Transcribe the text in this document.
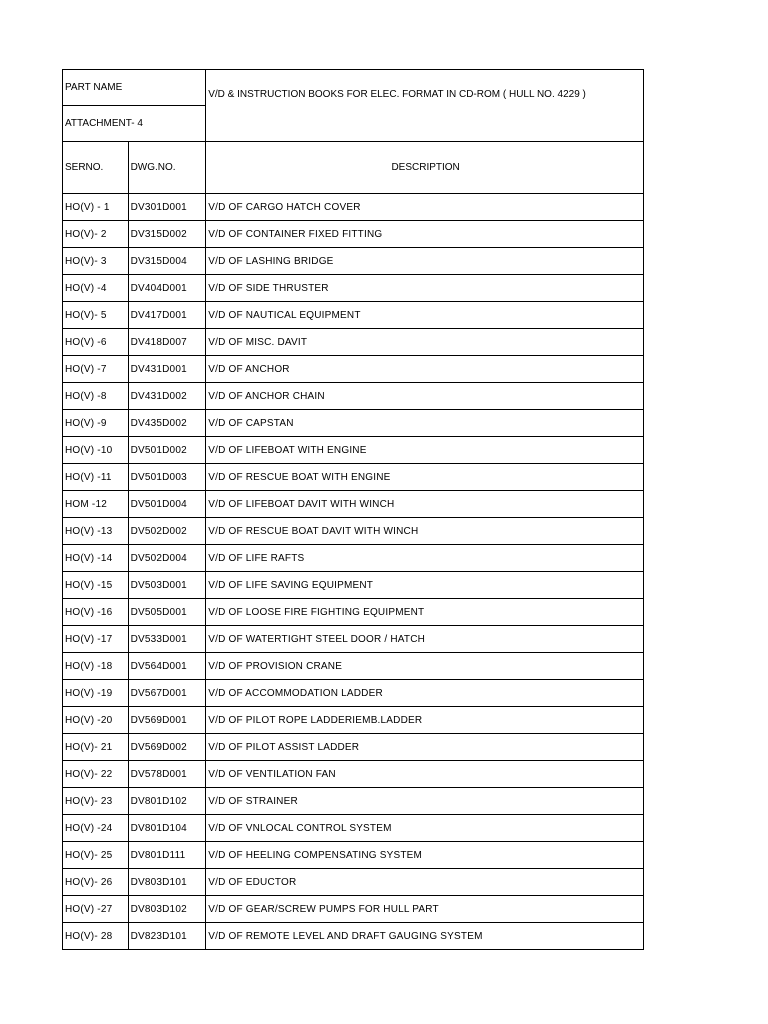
PART NAME		V/D & INSTRUCTION BOOKS FOR ELEC. FORMAT IN CD-ROM ( HULL NO. 4229 )
ATTACHMENT- 4		
SERNO.	DWG.NO.	DESCRIPTION
HO(V) - 1	DV301D001	V/D OF CARGO HATCH COVER
HO(V)- 2	DV315D002	V/D OF CONTAINER FIXED FITTING
HO(V)- 3	DV315D004	V/D OF LASHING BRIDGE
HO(V) -4	DV404D001	V/D OF SIDE THRUSTER
HO(V)- 5	DV417D001	V/D OF NAUTICAL EQUIPMENT
HO(V) -6	DV418D007	V/D OF MISC. DAVIT
HO(V) -7	DV431D001	V/D OF ANCHOR
HO(V) -8	DV431D002	V/D OF ANCHOR CHAIN
HO(V) -9	DV435D002	V/D OF CAPSTAN
HO(V) -10	DV501D002	V/D OF LIFEBOAT WITH ENGINE
HO(V) -11	DV501D003	V/D OF RESCUE BOAT WITH ENGINE
HOM -12	DV501D004	V/D OF LIFEBOAT DAVIT WITH WINCH
HO(V) -13	DV502D002	V/D OF RESCUE BOAT DAVIT WITH WINCH
HO(V) -14	DV502D004	V/D OF LIFE RAFTS
HO(V) -15	DV503D001	V/D OF LIFE SAVING EQUIPMENT
HO(V) -16	DV505D001	V/D OF LOOSE FIRE FIGHTING EQUIPMENT
HO(V) -17	DV533D001	V/D OF WATERTIGHT STEEL DOOR / HATCH
HO(V) -18	DV564D001	V/D OF PROVISION CRANE
HO(V) -19	DV567D001	V/D OF ACCOMMODATION LADDER
HO(V) -20	DV569D001	V/D OF PILOT ROPE LADDERIEMB.LADDER
HO(V)- 21	DV569D002	V/D OF PILOT ASSIST LADDER
HO(V)- 22	DV578D001	V/D OF VENTILATION FAN
HO(V)- 23	DV801D102	V/D OF STRAINER
HO(V) -24	DV801D104	V/D OF VNLOCAL CONTROL SYSTEM
HO(V)- 25	DV801D111	V/D OF HEELING COMPENSATING SYSTEM
HO(V)- 26	DV803D101	V/D OF EDUCTOR
HO(V) -27	DV803D102	V/D OF GEAR/SCREW PUMPS FOR HULL PART
HO(V)- 28	DV823D101	V/D OF REMOTE LEVEL AND DRAFT GAUGING SYSTEM
